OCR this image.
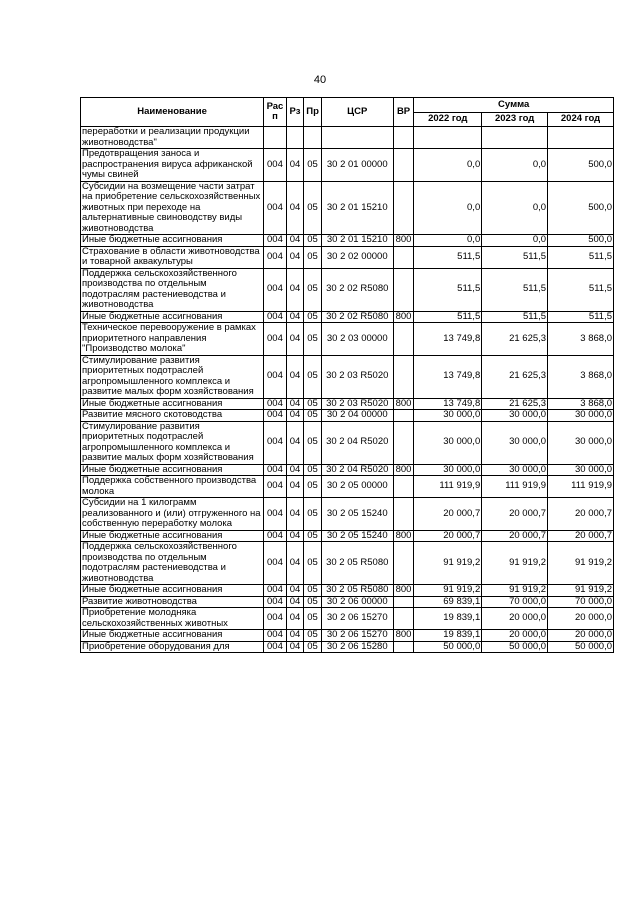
40
Наименование	Рас п	Рз	Пр	ЦСР	ВР	Сумма		
						2022 год	2023 год	2024 год
переработки и реализации продукции животноводства"								
Предотвращения заноса и распространения вируса африканской чумы свиней	004	04	05	30 2 01 00000		0,0	0,0	500,0
Субсидии на возмещение части затрат на приобретение сельскохозяйственных животных при переходе на альтернативные свиноводству виды животноводства	004	04	05	30 2 01 15210		0,0	0,0	500,0
Иные бюджетные ассигнования	004	04	05	30 2 01 15210	800	0,0	0,0	500,0
Страхование в области животноводства и товарной аквакультуры	004	04	05	30 2 02 00000		511,5	511,5	511,5
Поддержка сельскохозяйственного производства по отдельным подотраслям растениеводства и животноводства	004	04	05	30 2 02 R5080		511,5	511,5	511,5
Иные бюджетные ассигнования	004	04	05	30 2 02 R5080	800	511,5	511,5	511,5
Техническое перевооружение в рамках приоритетного направления "Производство молока"	004	04	05	30 2 03 00000		13 749,8	21 625,3	3 868,0
Стимулирование развития приоритетных подотраслей агропромышленного комплекса и развитие малых форм хозяйствования	004	04	05	30 2 03 R5020		13 749,8	21 625,3	3 868,0
Иные бюджетные ассигнования	004	04	05	30 2 03 R5020	800	13 749,8	21 625,3	3 868,0
Развитие мясного скотоводства	004	04	05	30 2 04 00000		30 000,0	30 000,0	30 000,0
Стимулирование развития приоритетных подотраслей агропромышленного комплекса и развитие малых форм хозяйствования	004	04	05	30 2 04 R5020		30 000,0	30 000,0	30 000,0
Иные бюджетные ассигнования	004	04	05	30 2 04 R5020	800	30 000,0	30 000,0	30 000,0
Поддержка собственного производства молока	004	04	05	30 2 05 00000		111 919,9	111 919,9	111 919,9
Субсидии на 1 килограмм реализованного и (или) отгруженного на собственную переработку молока	004	04	05	30 2 05 15240		20 000,7	20 000,7	20 000,7
Иные бюджетные ассигнования	004	04	05	30 2 05 15240	800	20 000,7	20 000,7	20 000,7
Поддержка сельскохозяйственного производства по отдельным подотраслям растениеводства и животноводства	004	04	05	30 2 05 R5080		91 919,2	91 919,2	91 919,2
Иные бюджетные ассигнования	004	04	05	30 2 05 R5080	800	91 919,2	91 919,2	91 919,2
Развитие животноводства	004	04	05	30 2 06 00000		69 839,1	70 000,0	70 000,0
Приобретение молодняка сельскохозяйственных животных	004	04	05	30 2 06 15270		19 839,1	20 000,0	20 000,0
Иные бюджетные ассигнования	004	04	05	30 2 06 15270	800	19 839,1	20 000,0	20 000,0
Приобретение оборудования для	004	04	05	30 2 06 15280		50 000,0	50 000,0	50 000,0
